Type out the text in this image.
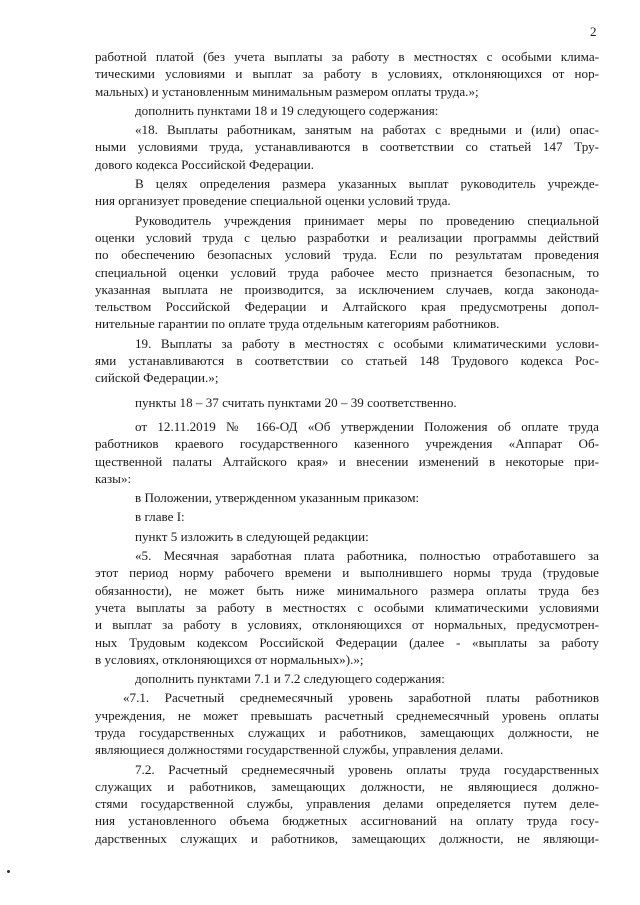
2
работной платой (без учета выплаты за работу в местностях с особыми клима-
тическими условиями и выплат за работу в условиях, отклоняющихся от нор-
мальных) и установленным минимальным размером оплаты труда.»;
дополнить пунктами 18 и 19 следующего содержания:
«18. Выплаты работникам, занятым на работах с вредными и (или) опас-
ными условиями труда, устанавливаются в соответствии со статьей 147 Тру-
дового кодекса Российской Федерации.
В целях определения размера указанных выплат руководитель учрежде-
ния организует проведение специальной оценки условий труда.
Руководитель учреждения принимает меры по проведению специальной
оценки условий труда с целью разработки и реализации программы действий
по обеспечению безопасных условий труда. Если по результатам проведения
специальной оценки условий труда рабочее место признается безопасным, то
указанная выплата не производится, за исключением случаев, когда законода-
тельством Российской Федерации и Алтайского края предусмотрены допол-
нительные гарантии по оплате труда отдельным категориям работников.
19. Выплаты за работу в местностях с особыми климатическими услови-
ями устанавливаются в соответствии со статьей 148 Трудового кодекса Рос-
сийской Федерации.»;
пункты 18 – 37 считать пунктами 20 – 39 соответственно.
от 12.11.2019 № 166-ОД «Об утверждении Положения об оплате труда
работников краевого государственного казенного учреждения «Аппарат Об-
щественной палаты Алтайского края» и внесении изменений в некоторые при-
казы»:
в Положении, утвержденном указанным приказом:
в главе I:
пункт 5 изложить в следующей редакции:
«5. Месячная заработная плата работника, полностью отработавшего за
этот период норму рабочего времени и выполнившего нормы труда (трудовые
обязанности), не может быть ниже минимального размера оплаты труда без
учета выплаты за работу в местностях с особыми климатическими условиями
и выплат за работу в условиях, отклоняющихся от нормальных, предусмотрен-
ных Трудовым кодексом Российской Федерации (далее - «выплаты за работу
в условиях, отклоняющихся от нормальных»).»;
дополнить пунктами 7.1 и 7.2 следующего содержания:
«7.1. Расчетный среднемесячный уровень заработной платы работников
учреждения, не может превышать расчетный среднемесячный уровень оплаты
труда государственных служащих и работников, замещающих должности, не
являющиеся должностями государственной службы, управления делами.
7.2. Расчетный среднемесячный уровень оплаты труда государственных
служащих и работников, замещающих должности, не являющиеся должно-
стями государственной службы, управления делами определяется путем деле-
ния установленного объема бюджетных ассигнований на оплату труда госу-
дарственных служащих и работников, замещающих должности, не являющи-
